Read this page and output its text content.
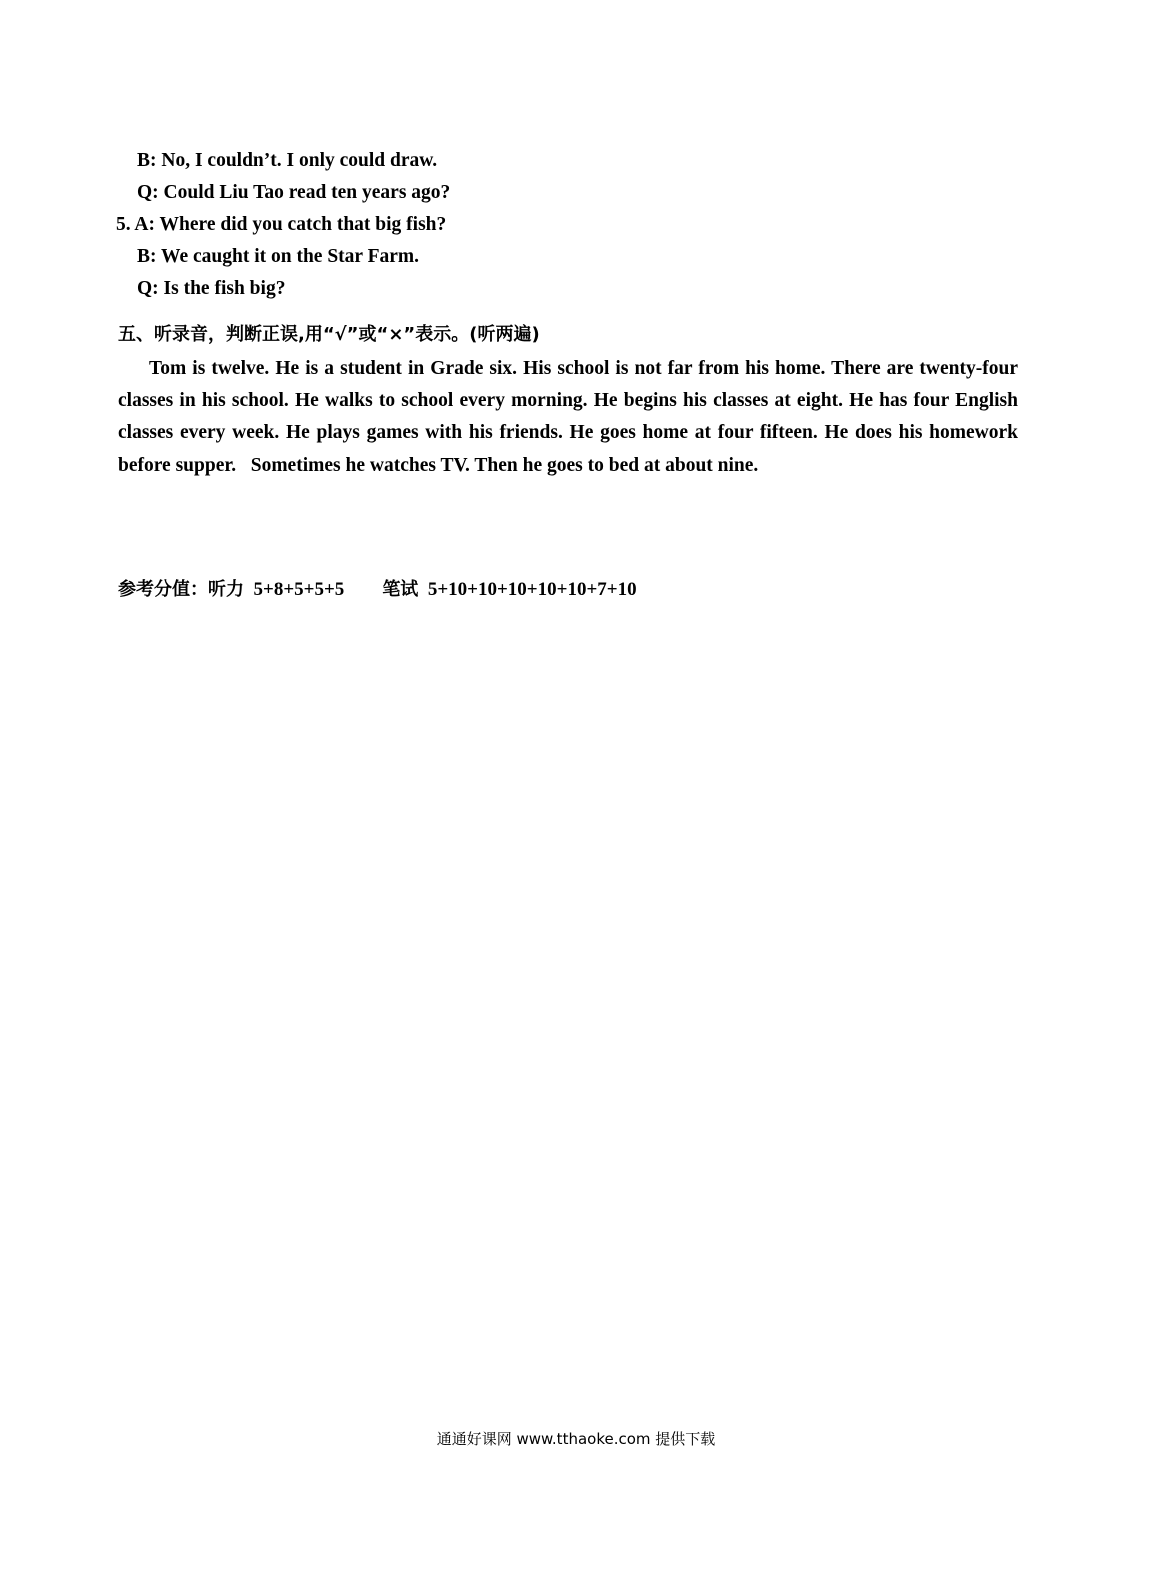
B: No, I couldn’t. I only could draw.
Q: Could Liu Tao read ten years ago?
5. A: Where did you catch that big fish?
B: We caught it on the Star Farm.
Q: Is the fish big?
五、听录音，判断正误,用“√”或“×”表示。(听两遍)
Tom is twelve. He is a student in Grade six. His school is not far from his home. There are twenty-four classes in his school. He walks to school every morning. He begins his classes at eight. He has four English classes every week. He plays games with his friends. He goes home at four fifteen. He does his homework before supper.   Sometimes he watches TV. Then he goes to bed at about nine.
参考分值：听力 5+8+5+5+5 笔试 5+10+10+10+10+10+7+10
通通好课网 www.tthaoke.com 提供下载
